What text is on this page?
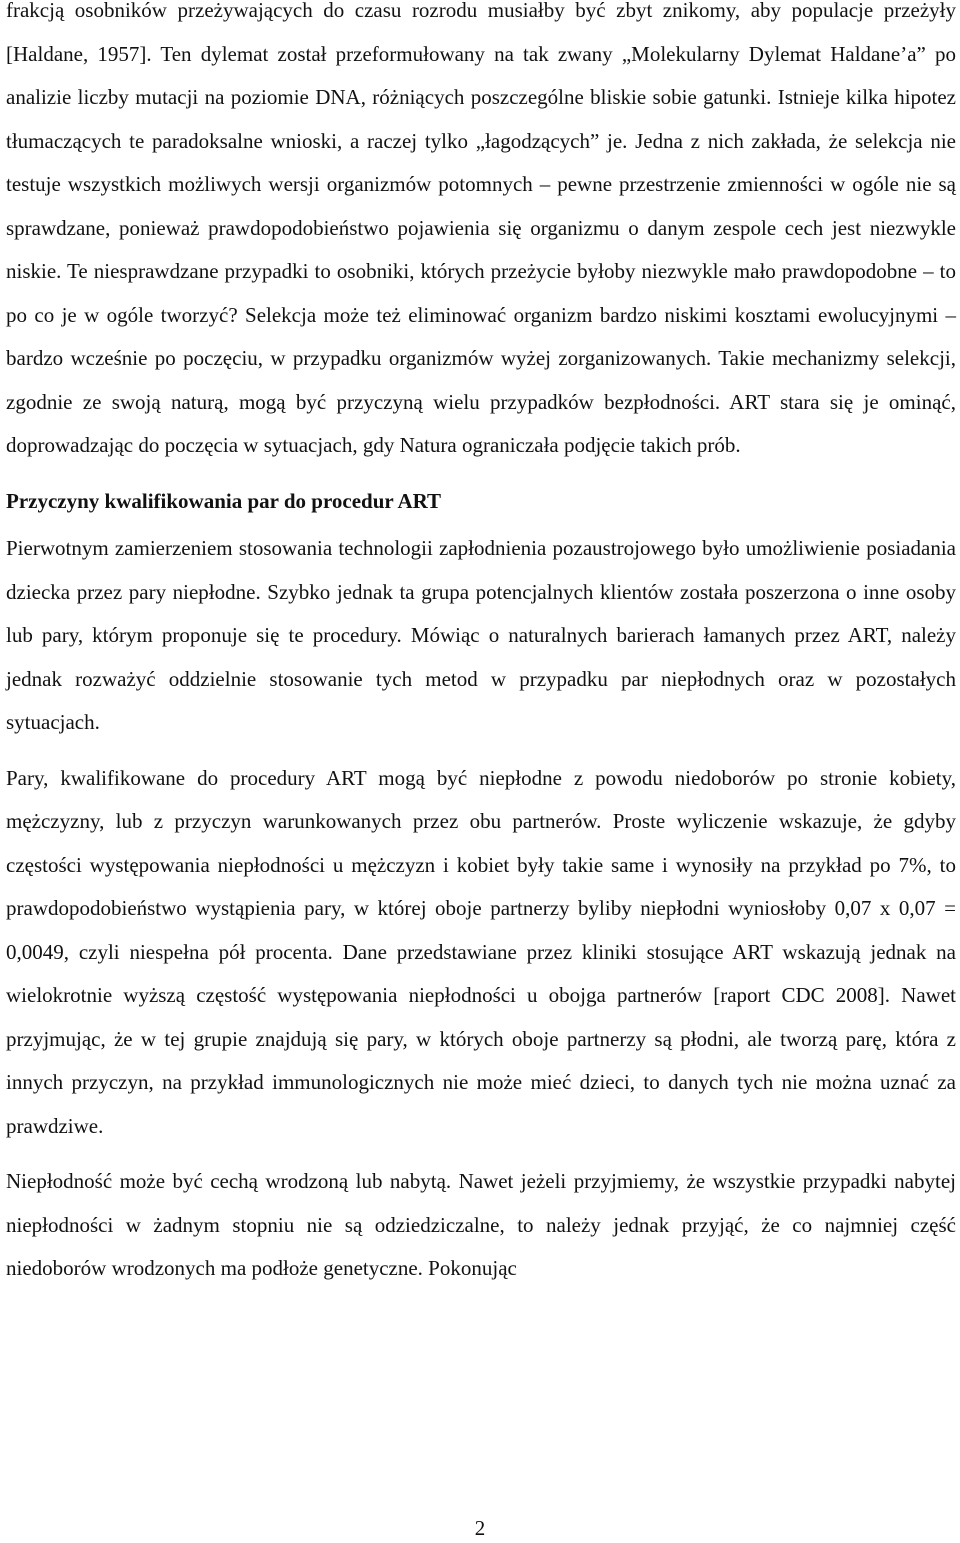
frakcją osobników przeżywających do czasu rozrodu musiałby być zbyt znikomy, aby populacje przeżyły [Haldane, 1957]. Ten dylemat został przeformułowany na tak zwany „Molekularny Dylemat Haldane’a” po analizie liczby mutacji na poziomie DNA, różniących poszczególne bliskie sobie gatunki. Istnieje kilka hipotez tłumaczących te paradoksalne wnioski, a raczej tylko „łagodzących” je. Jedna z nich zakłada, że selekcja nie testuje wszystkich możliwych wersji organizmów potomnych – pewne przestrzenie zmienności w ogóle nie są sprawdzane, ponieważ prawdopodobieństwo pojawienia się organizmu o danym zespole cech jest niezwykle niskie. Te niesprawdzane przypadki to osobniki, których przeżycie byłoby niezwykle mało prawdopodobne – to po co je w ogóle tworzyć? Selekcja może też eliminować organizm bardzo niskimi kosztami ewolucyjnymi – bardzo wcześnie po poczęciu, w przypadku organizmów wyżej zorganizowanych. Takie mechanizmy selekcji, zgodnie ze swoją naturą, mogą być przyczyną wielu przypadków bezpłodności. ART stara się je ominąć, doprowadzając do poczęcia w sytuacjach, gdy Natura ograniczała podjęcie takich prób.

Przyczyny kwalifikowania par do procedur ART

Pierwotnym zamierzeniem stosowania technologii zapłodnienia pozaustrojowego było umożliwienie posiadania dziecka przez pary niepłodne. Szybko jednak ta grupa potencjalnych klientów została poszerzona o inne osoby lub pary, którym proponuje się te procedury. Mówiąc o naturalnych barierach łamanych przez ART, należy jednak rozważyć oddzielnie stosowanie tych metod w przypadku par niepłodnych oraz w pozostałych sytuacjach.

Pary, kwalifikowane do procedury ART mogą być niepłodne z powodu niedoborów po stronie kobiety, mężczyzny, lub z przyczyn warunkowanych przez obu partnerów. Proste wyliczenie wskazuje, że gdyby częstości występowania niepłodności u mężczyzn i kobiet były takie same i wynosiły na przykład po 7%, to prawdopodobieństwo wystąpienia pary, w której oboje partnerzy byliby niepłodni wyniosłoby 0,07 x 0,07 = 0,0049, czyli niespełna pół procenta. Dane przedstawiane przez kliniki stosujące ART wskazują jednak na wielokrotnie wyższą częstość występowania niepłodności u obojga partnerów [raport CDC 2008]. Nawet przyjmując, że w tej grupie znajdują się pary, w których oboje partnerzy są płodni, ale tworzą parę, która z innych przyczyn, na przykład immunologicznych nie może mieć dzieci, to danych tych nie można uznać za prawdziwe.

Niepłodność może być cechą wrodzoną lub nabytą. Nawet jeżeli przyjmiemy, że wszystkie przypadki nabytej niepłodności w żadnym stopniu nie są odziedziczalne, to należy jednak przyjąć, że co najmniej część niedoborów wrodzonych ma podłoże genetyczne. Pokonując

2
